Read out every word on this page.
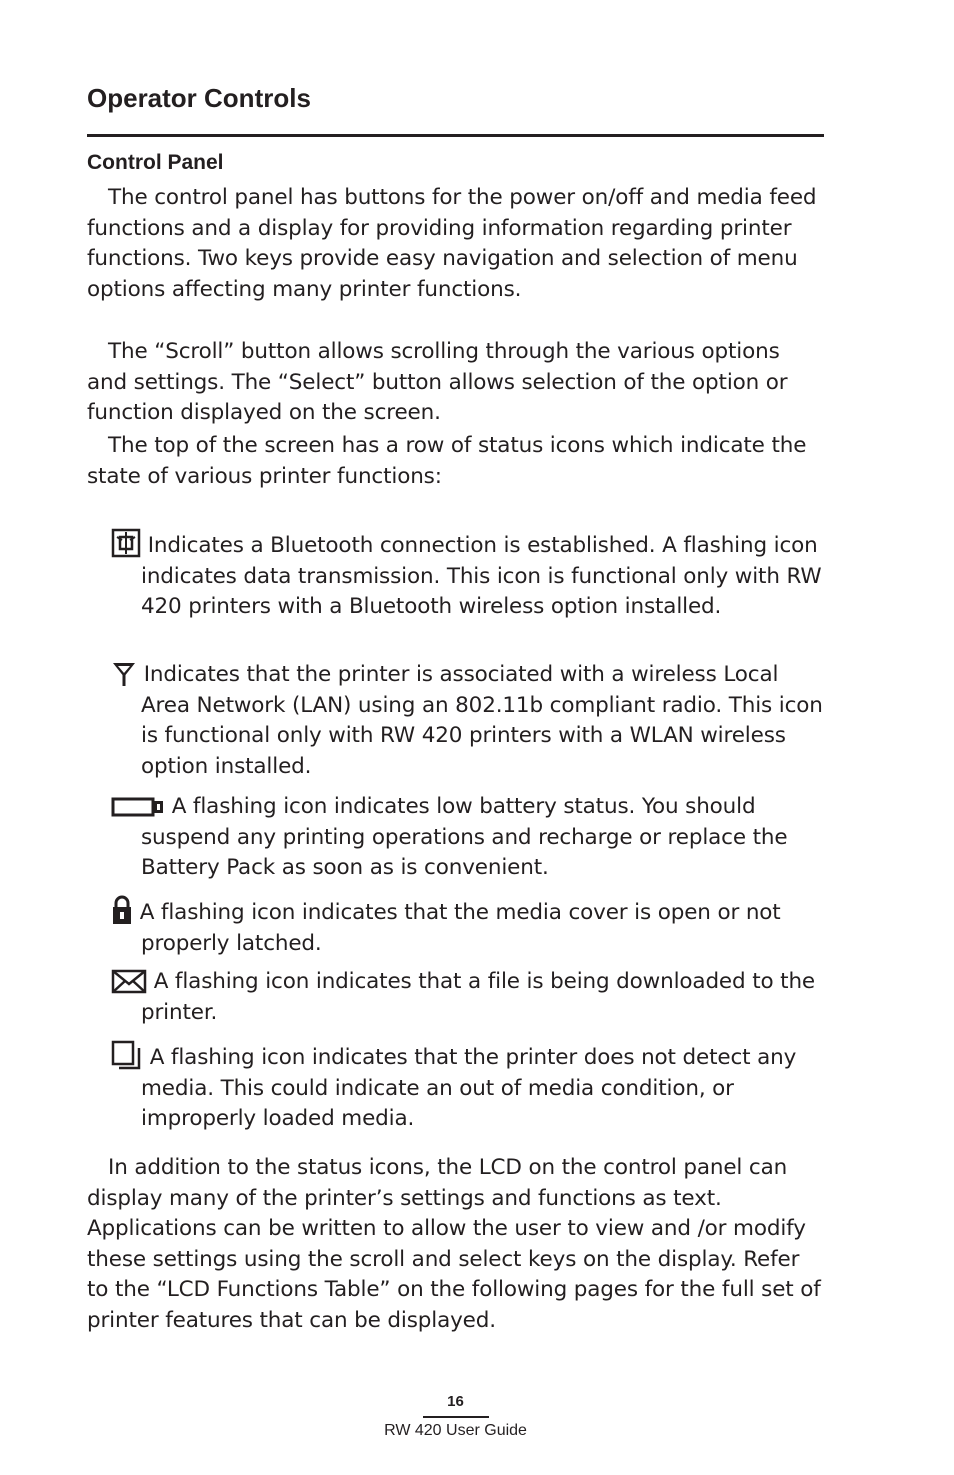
Operator Controls
Control Panel

The control panel has buttons for the power on/off and media feed functions and a display for providing information regarding printer functions. Two keys provide easy navigation and selection of menu options affecting many printer functions.

The “Scroll” button allows scrolling through the various options and settings. The “Select” button allows selection of the option or function displayed on the screen.

The top of the screen has a row of status icons which indicate the state of various printer functions:

Indicates a Bluetooth connection is established. A flashing icon indicates data transmission. This icon is functional only with RW 420 printers with a Bluetooth wireless option installed.

Indicates that the printer is associated with a wireless Local Area Network (LAN) using an 802.11b compliant radio. This icon is functional only with RW 420 printers with a WLAN wireless option installed.

A flashing icon indicates low battery status. You should suspend any printing operations and recharge or replace the Battery Pack as soon as is convenient.

A flashing icon indicates that the media cover is open or not properly latched.

A flashing icon indicates that a file is being downloaded to the printer.

A flashing icon indicates that the printer does not detect any media. This could indicate an out of media condition, or improperly loaded media.

In addition to the status icons, the LCD on the control panel can display many of the printer’s settings and functions as text. Applications can be written to allow the user to view and /or modify these settings using the scroll and select keys on the display. Refer to the “LCD Functions Table” on the following pages for the full set of printer features that can be displayed.

16

RW 420 User Guide
